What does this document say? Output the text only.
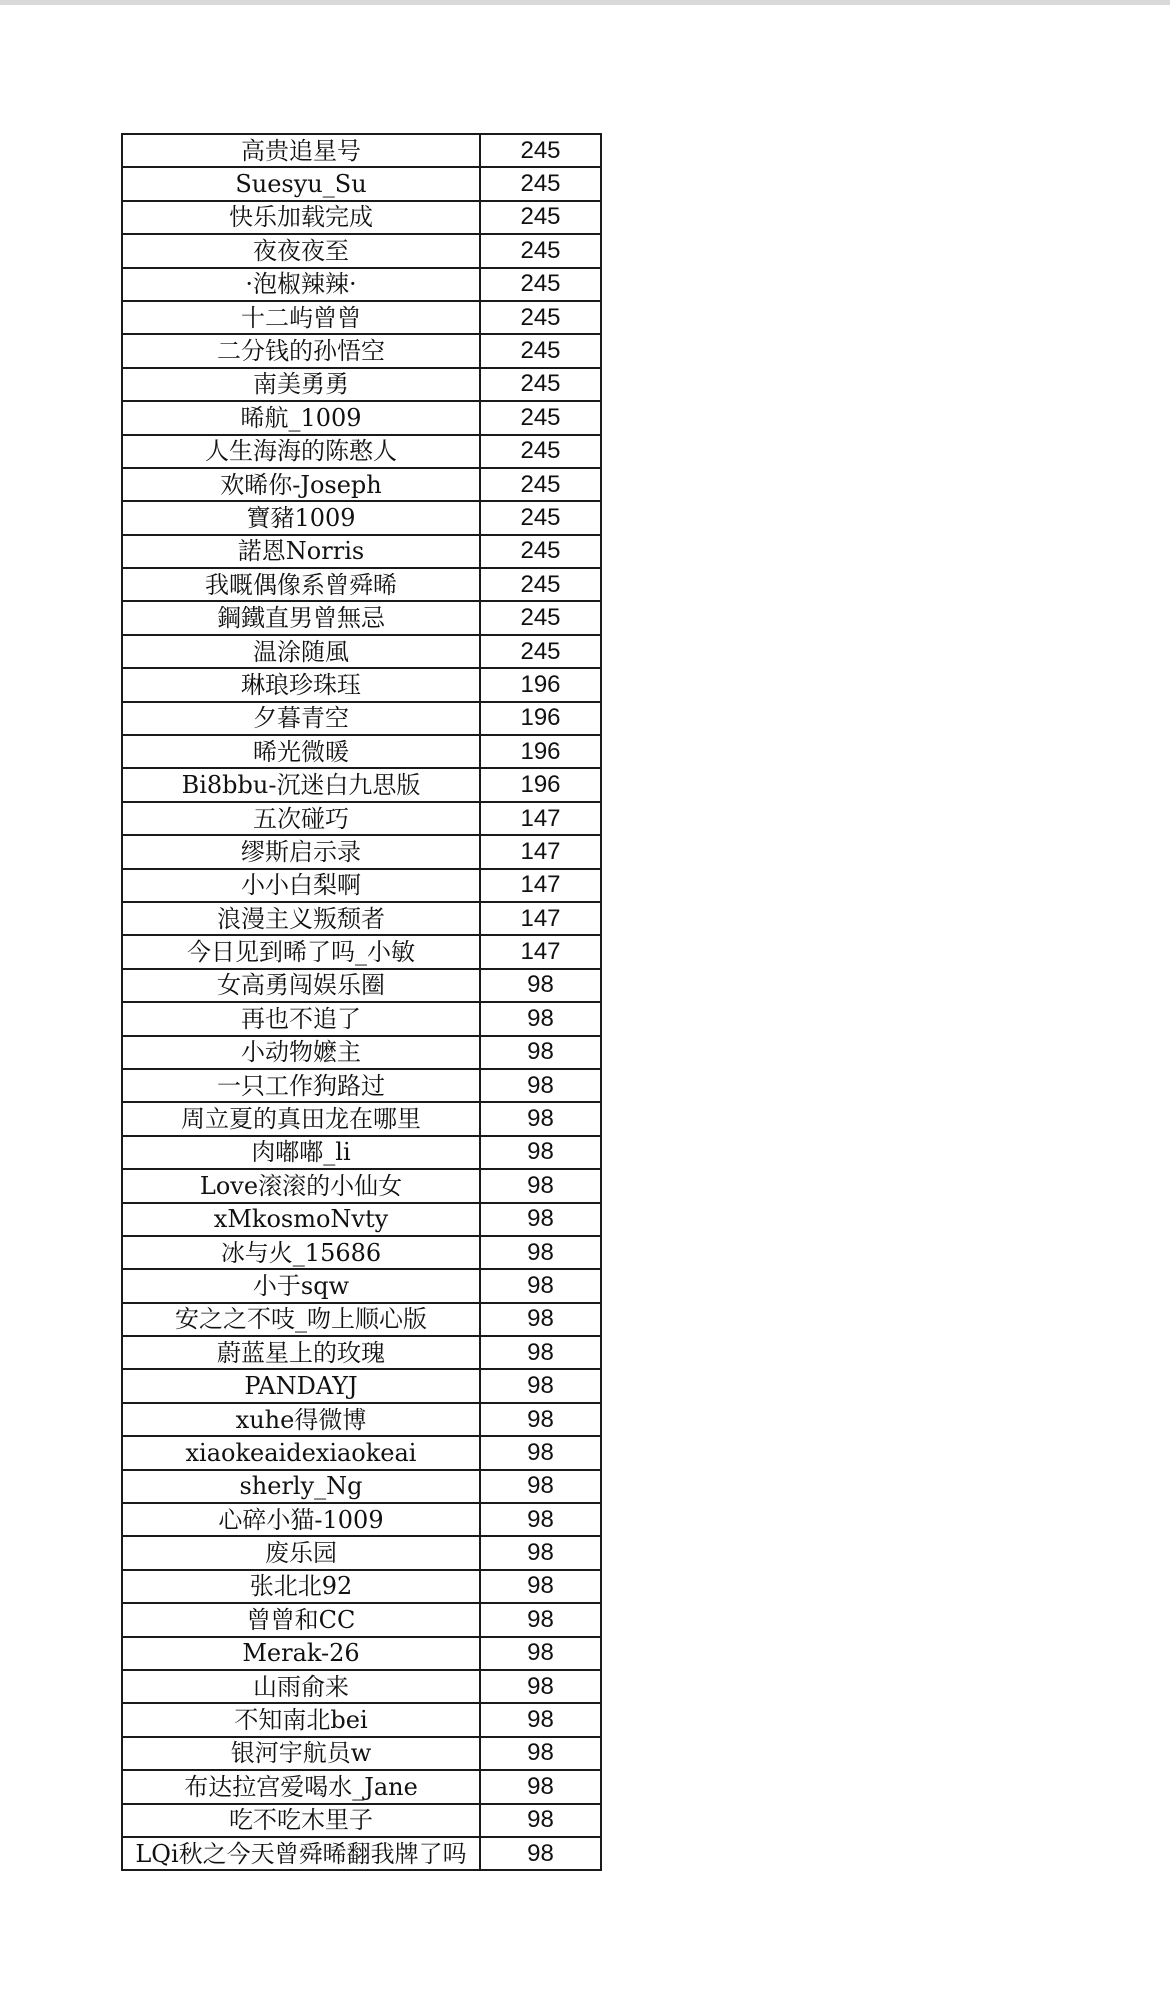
高贵追星号	245
Suesyu_Su	245
快乐加载完成	245
夜夜夜至	245
·泡椒辣辣·	245
十二屿曾曾	245
二分钱的孙悟空	245
南美勇勇	245
晞航_1009	245
人生海海的陈憨人	245
欢晞你-Joseph	245
寶豬1009	245
諾恩Norris	245
我嘅偶像系曾舜晞	245
鋼鐵直男曾無忌	245
温涂随風	245
琳琅珍珠珏	196
夕暮青空	196
晞光微暖	196
Bi8bbu-沉迷白九思版	196
五次碰巧	147
缪斯启示录	147
小小白梨啊	147
浪漫主义叛颓者	147
今日见到晞了吗_小敏	147
女高勇闯娱乐圈	98
再也不追了	98
小动物嬷主	98
一只工作狗路过	98
周立夏的真田龙在哪里	98
肉嘟嘟_li	98
Love滚滚的小仙女	98
xMkosmoNvty	98
冰与火_15686	98
小于sqw	98
安之之不吱_吻上顺心版	98
蔚蓝星上的玫瑰	98
PANDAYJ	98
xuhe得微博	98
xiaokeaidexiaokeai	98
sherly_Ng	98
心碎小猫-1009	98
废乐园	98
张北北92	98
曾曾和CC	98
Merak-26	98
山雨俞来	98
不知南北bei	98
银河宇航员w	98
布达拉宫爱喝水_Jane	98
吃不吃木里子	98
LQi秋之今天曾舜晞翻我牌了吗	98
